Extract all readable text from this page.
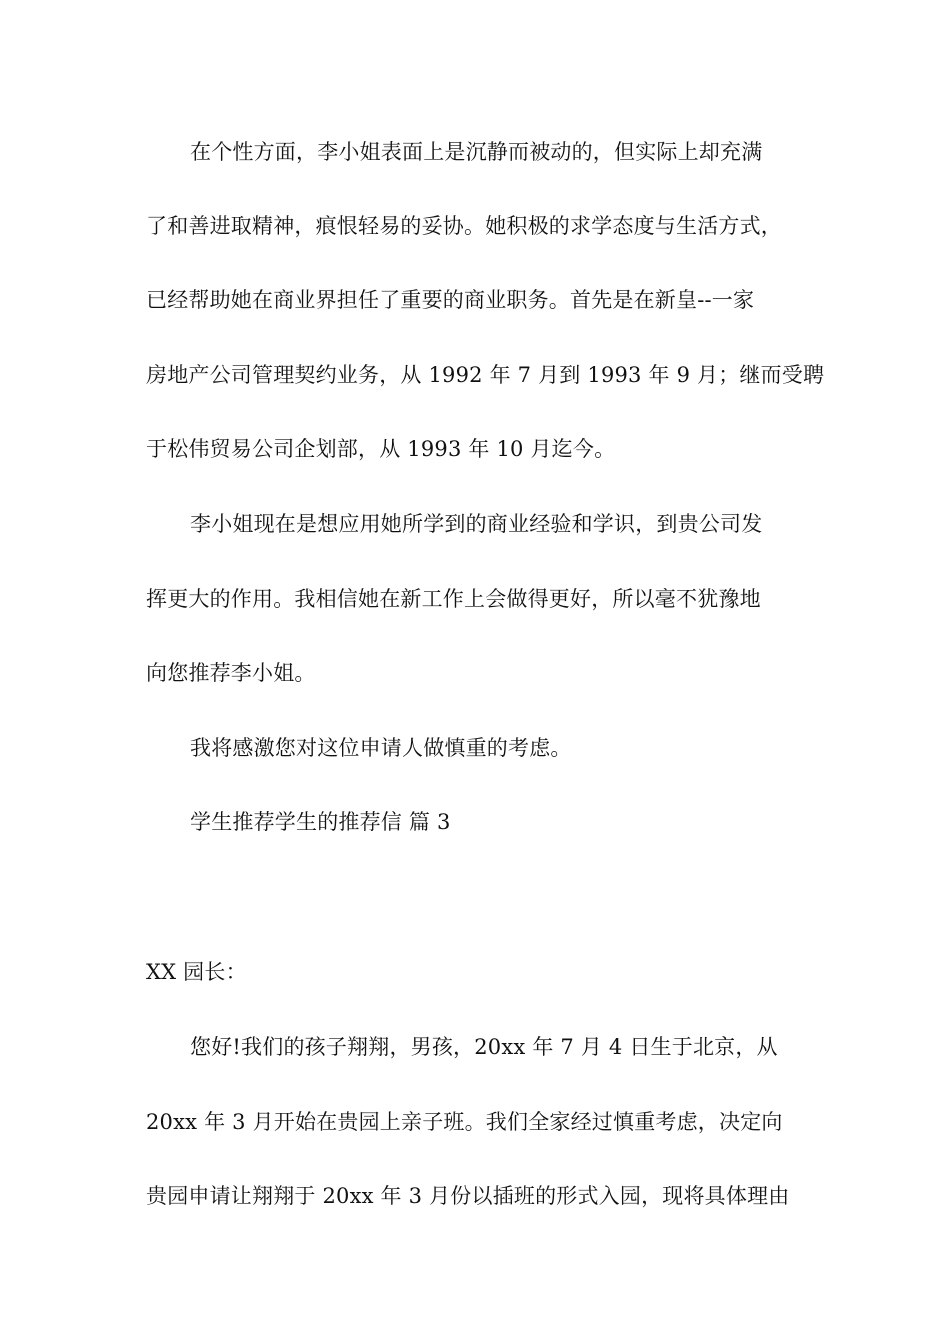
在个性方面，李小姐表面上是沉静而被动的，但实际上却充满
了和善进取精神，痕恨轻易的妥协。她积极的求学态度与生活方式，
已经帮助她在商业界担任了重要的商业职务。首先是在新皇--一家
房地产公司管理契约业务，从 1992 年 7 月到 1993 年 9 月；继而受聘
于松伟贸易公司企划部，从 1993 年 10 月迄今。
李小姐现在是想应用她所学到的商业经验和学识，到贵公司发
挥更大的作用。我相信她在新工作上会做得更好，所以毫不犹豫地
向您推荐李小姐。
我将感激您对这位申请人做慎重的考虑。
学生推荐学生的推荐信 篇 3
XX 园长：
您好!我们的孩子翔翔，男孩，20xx 年 7 月 4 日生于北京，从
20xx 年 3 月开始在贵园上亲子班。我们全家经过慎重考虑，决定向
贵园申请让翔翔于 20xx 年 3 月份以插班的形式入园，现将具体理由
